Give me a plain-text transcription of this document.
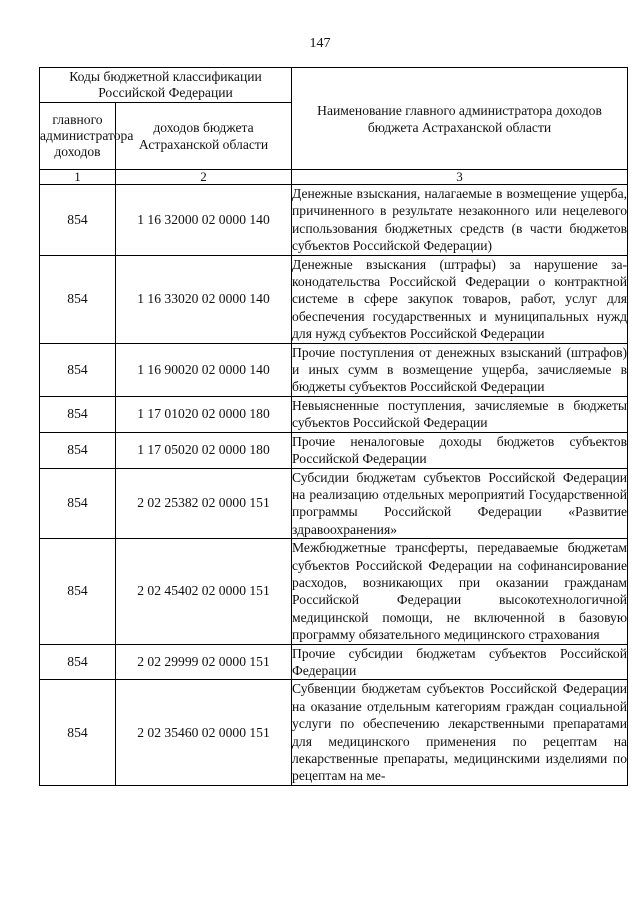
147
Коды бюджетной классификации Российской Федерации		Наименование главного администратора доходов бюджета Астраханской области
главного администратора доходов	доходов бюджета Астраханской области	
1	2	3
854	1 16 32000 02 0000 140	Денежные взыскания, налагаемые в возмещение ущерба, причиненного в результате незаконного или нецелевого использования бюджетных средств (в части бюджетов субъектов Российской Федерации)
854	1 16 33020 02 0000 140	Денежные взыскания (штрафы) за нарушение законодательства Российской Федерации о контрактной системе в сфере закупок товаров, работ, услуг для обеспечения государственных и муниципальных нужд для нужд субъектов Российской Федерации
854	1 16 90020 02 0000 140	Прочие поступления от денежных взысканий (штрафов) и иных сумм в возмещение ущерба, зачисляемые в бюджеты субъектов Российской Федерации
854	1 17 01020 02 0000 180	Невыясненные поступления, зачисляемые в бюджеты субъектов Российской Федерации
854	1 17 05020 02 0000 180	Прочие неналоговые доходы бюджетов субъектов Российской Федерации
854	2 02 25382 02 0000 151	Субсидии бюджетам субъектов Российской Федерации на реализацию отдельных мероприятий Государственной программы Российской Федерации «Развитие здравоохранения»
854	2 02 45402 02 0000 151	Межбюджетные трансферты, передаваемые бюджетам субъектов Российской Федерации на софинансирование расходов, возникающих при оказании гражданам Российской Федерации высокотехнологичной медицинской помощи, не включенной в базовую программу обязательного медицинского страхования
854	2 02 29999 02 0000 151	Прочие субсидии бюджетам субъектов Российской Федерации
854	2 02 35460 02 0000 151	Субвенции бюджетам субъектов Российской Федерации на оказание отдельным категориям граждан социальной услуги по обеспечению лекарственными препаратами для медицинского применения по рецептам на лекарственные препараты, медицинскими изделиями по рецептам на ме-
